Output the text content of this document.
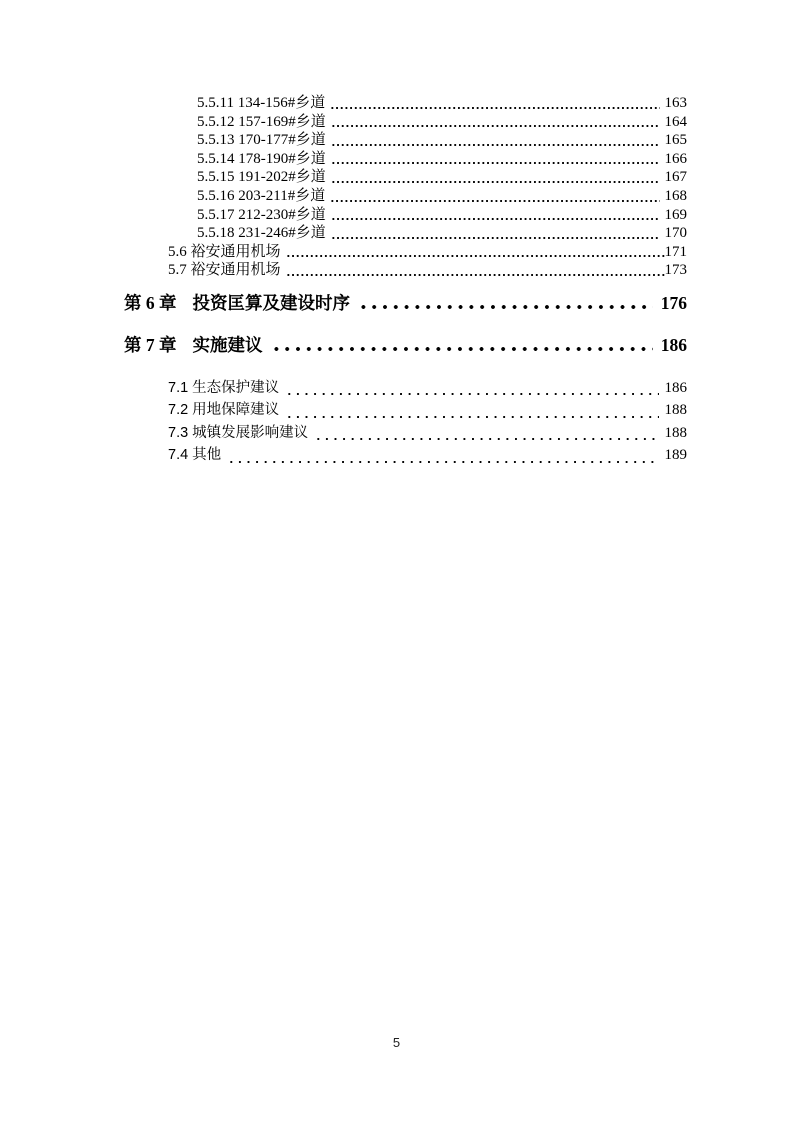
5.5.11 134-156#乡道	163
5.5.12 157-169#乡道	164
5.5.13 170-177#乡道	165
5.5.14 178-190#乡道	166
5.5.15 191-202#乡道	167
5.5.16 203-211#乡道	168
5.5.17 212-230#乡道	169
5.5.18 231-246#乡道	170
5.6 裕安通用机场	171
5.7 裕安通用机场	173
第 6 章 投资匡算及建设时序	176
第 7 章 实施建议	186
7.1 生态保护建议	186
7.2 用地保障建议	188
7.3 城镇发展影响建议	188
7.4 其他	189
5
